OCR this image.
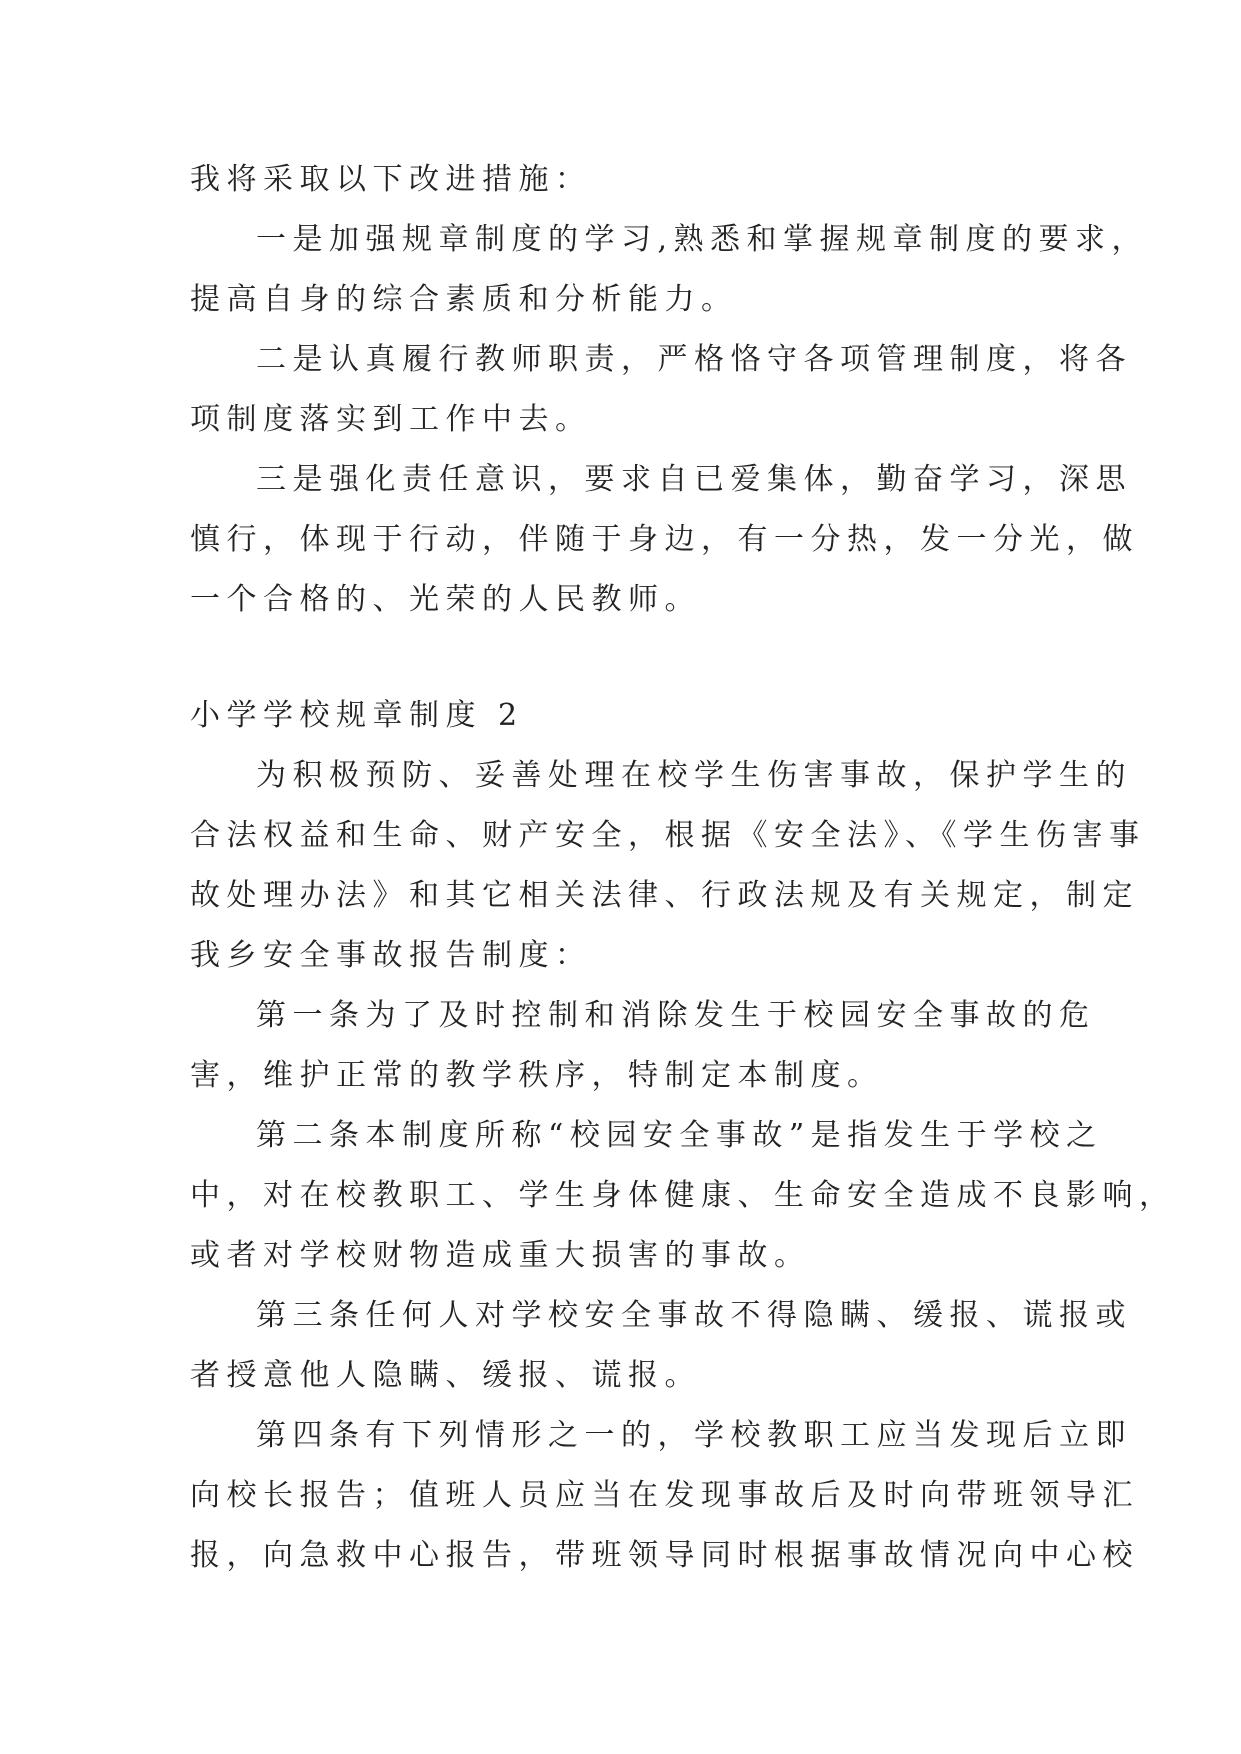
我将采取以下改进措施：
一是加强规章制度的学习,熟悉和掌握规章制度的要求，
提高自身的综合素质和分析能力。
二是认真履行教师职责，严格恪守各项管理制度，将各
项制度落实到工作中去。
三是强化责任意识，要求自已爱集体，勤奋学习，深思
慎行，体现于行动，伴随于身边，有一分热，发一分光，做
一个合格的、光荣的人民教师。
小学学校规章制度 2
为积极预防、妥善处理在校学生伤害事故，保护学生的
合法权益和生命、财产安全，根据《安全法》、《学生伤害事
故处理办法》和其它相关法律、行政法规及有关规定，制定
我乡安全事故报告制度：
第一条为了及时控制和消除发生于校园安全事故的危
害，维护正常的教学秩序，特制定本制度。
第二条本制度所称“校园安全事故”是指发生于学校之
中，对在校教职工、学生身体健康、生命安全造成不良影响，
或者对学校财物造成重大损害的事故。
第三条任何人对学校安全事故不得隐瞒、缓报、谎报或
者授意他人隐瞒、缓报、谎报。
第四条有下列情形之一的，学校教职工应当发现后立即
向校长报告；值班人员应当在发现事故后及时向带班领导汇
报，向急救中心报告，带班领导同时根据事故情况向中心校
